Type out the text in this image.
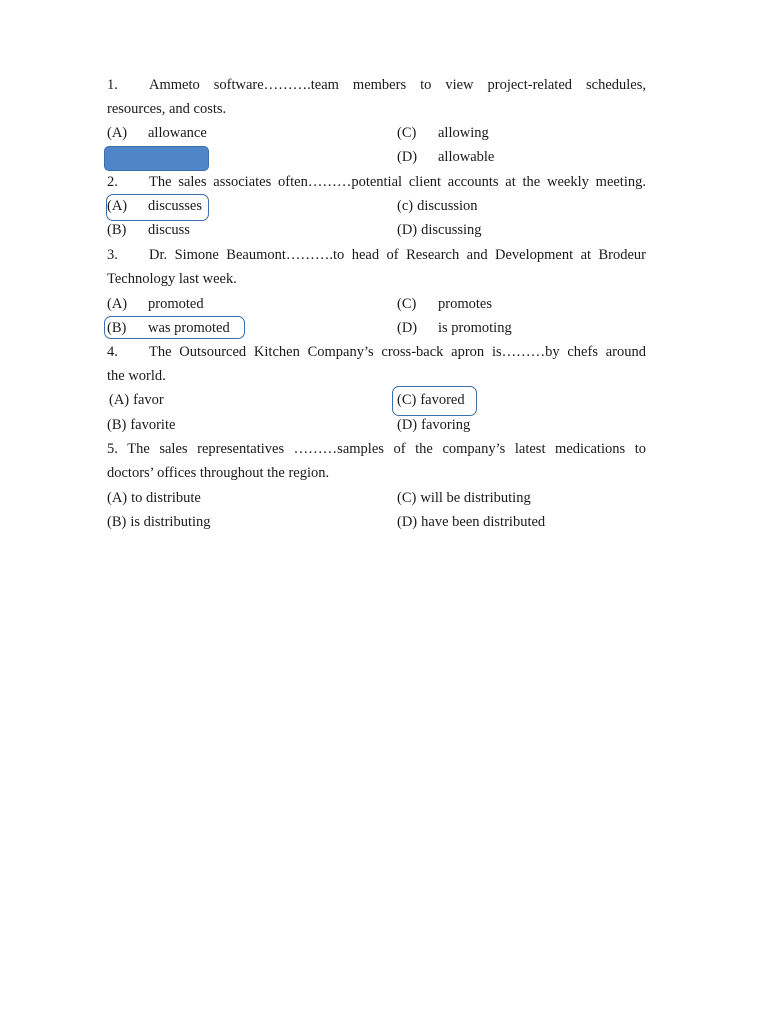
1. Ammeto software……….team members to view project-related schedules,
resources, and costs.
(A) allowance	(C) allowing
(D) allowable
2. The sales associates often………potential client accounts at the weekly meeting.
(A) discusses
(B) discuss
(c) discussion
(D) discussing
3. Dr. Simone Beaumont……….to head of Research and Development at Brodeur
Technology last week.
(A) promoted
(B) was promoted
(C) promotes
(D) is promoting
4. The Outsourced Kitchen Company’s cross-back apron is………by chefs around
the world.
(A) favor
(B) favorite
(C) favored
(D) favoring
5. The sales representatives ………samples of the company’s latest medications to
doctors’ offices throughout the region.
(A) to distribute
(B) is distributing
(C) will be distributing
(D) have been distributed
